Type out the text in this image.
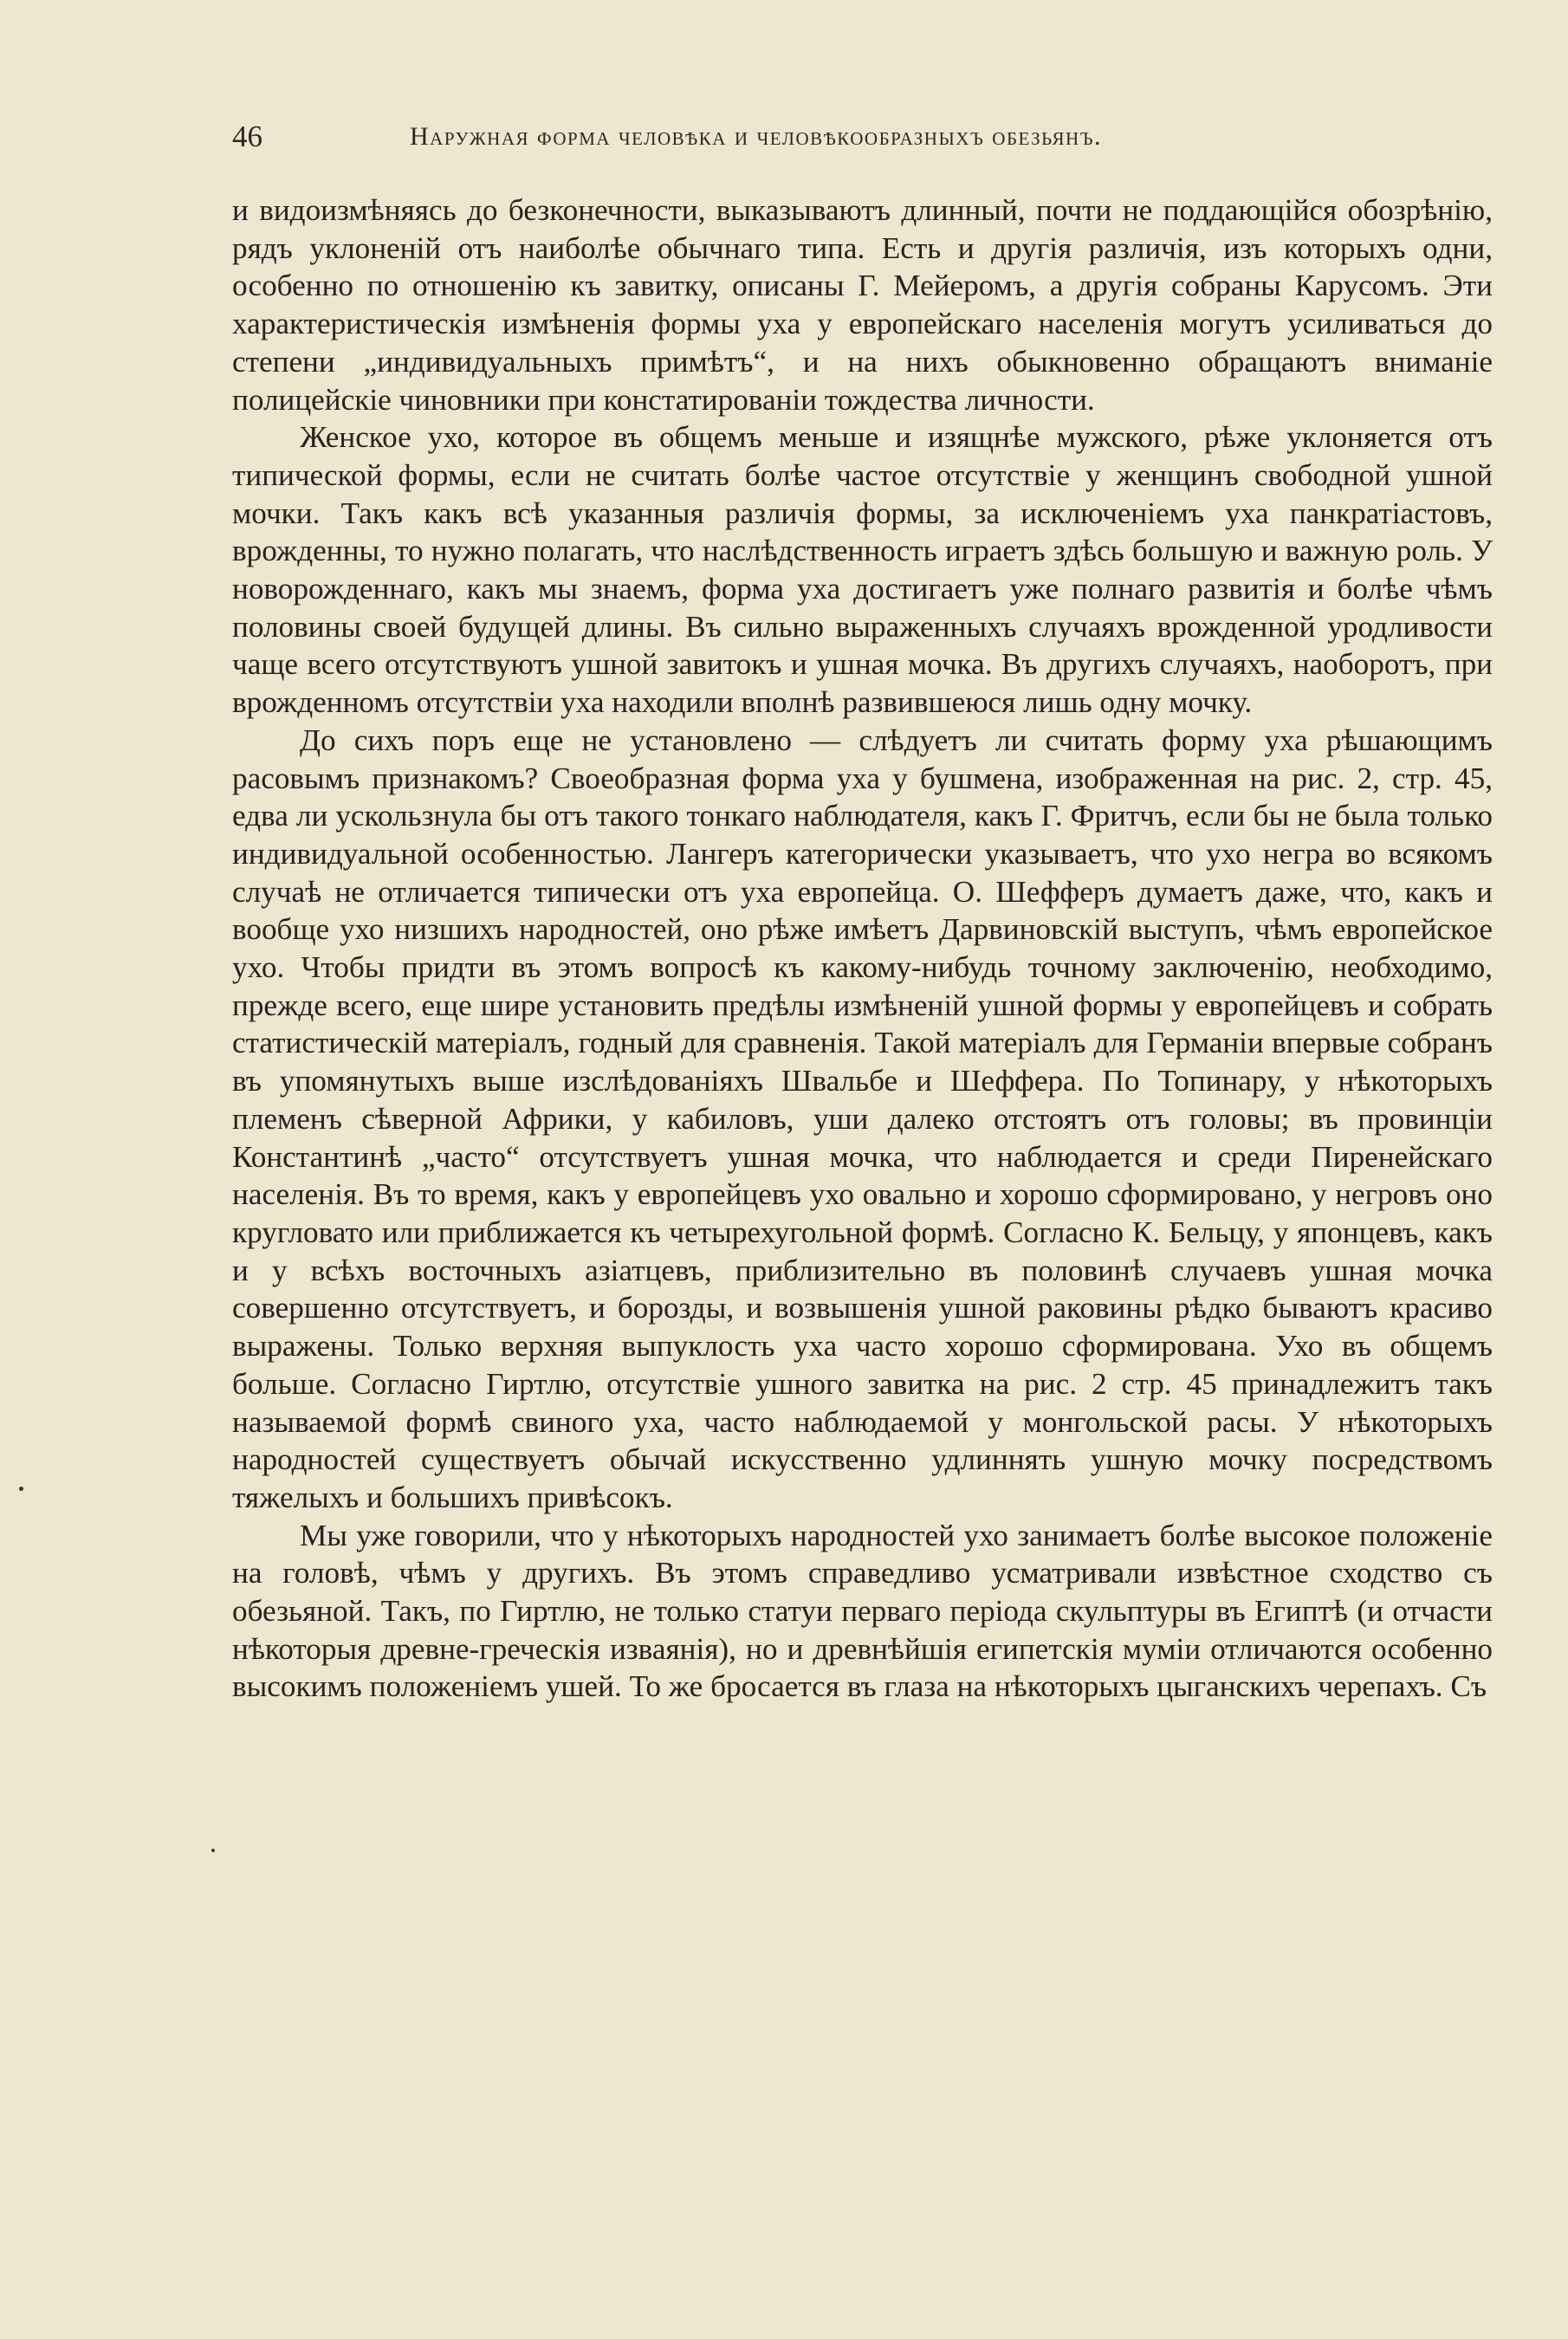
46	Наружная форма человѣка и человѣкообразныхъ обезьянъ.

и видоизмѣняясь до безконечности, выказываютъ длинный, почти не поддающійся обозрѣнію, рядъ уклоненій отъ наиболѣе обычнаго типа. Есть и другія различія, изъ которыхъ одни, особенно по отношенію къ завитку, описаны Г. Мейеромъ, а другія собраны Карусомъ. Эти характеристическія измѣненія формы уха у европейскаго населенія могутъ усиливаться до степени „индивидуальныхъ примѣтъ“, и на нихъ обыкновенно обращаютъ вниманіе полицейскіе чиновники при констатированіи тождества личности.

Женское ухо, которое въ общемъ меньше и изящнѣе мужского, рѣже уклоняется отъ типической формы, если не считать болѣе частое отсутствіе у женщинъ свободной ушной мочки. Такъ какъ всѣ указанныя различія формы, за исключеніемъ уха панкратіастовъ, врожденны, то нужно полагать, что наслѣдственность играетъ здѣсь большую и важную роль. У новорожденнаго, какъ мы знаемъ, форма уха достигаетъ уже полнаго развитія и болѣе чѣмъ половины своей будущей длины. Въ сильно выраженныхъ случаяхъ врожденной уродливости чаще всего отсутствуютъ ушной завитокъ и ушная мочка. Въ другихъ случаяхъ, наоборотъ, при врожденномъ отсутствіи уха находили вполнѣ развившеюся лишь одну мочку.

До сихъ поръ еще не установлено — слѣдуетъ ли считать форму уха рѣшающимъ расовымъ признакомъ? Своеобразная форма уха у бушмена, изображенная на рис. 2, стр. 45, едва ли ускользнула бы отъ такого тонкаго наблюдателя, какъ Г. Фритчъ, если бы не была только индивидуальной особенностью. Лангеръ категорически указываетъ, что ухо негра во всякомъ случаѣ не отличается типически отъ уха европейца. О. Шефферъ думаетъ даже, что, какъ и вообще ухо низшихъ народностей, оно рѣже имѣетъ Дарвиновскій выступъ, чѣмъ европейское ухо. Чтобы придти въ этомъ вопросѣ къ какому-нибудь точному заключенію, необходимо, прежде всего, еще шире установить предѣлы измѣненій ушной формы у европейцевъ и собрать статистическій матеріалъ, годный для сравненія. Такой матеріалъ для Германіи впервые собранъ въ упомянутыхъ выше изслѣдованіяхъ Швальбе и Шеффера. По Топинару, у нѣкоторыхъ племенъ сѣверной Африки, у кабиловъ, уши далеко отстоятъ отъ головы; въ провинціи Константинѣ „часто“ отсутствуетъ ушная мочка, что наблюдается и среди Пиренейскаго населенія. Въ то время, какъ у европейцевъ ухо овально и хорошо сформировано, у негровъ оно кругловато или приближается къ четырехугольной формѣ. Согласно К. Бельцу, у японцевъ, какъ и у всѣхъ восточныхъ азіатцевъ, приблизительно въ половинѣ случаевъ ушная мочка совершенно отсутствуетъ, и борозды, и возвышенія ушной раковины рѣдко бываютъ красиво выражены. Только верхняя выпуклость уха часто хорошо сформирована. Ухо въ общемъ больше. Согласно Гиртлю, отсутствіе ушного завитка на рис. 2 стр. 45 принадлежитъ такъ называемой формѣ свиного уха, часто наблюдаемой у монгольской расы. У нѣкоторыхъ народностей существуетъ обычай искусственно удлиннять ушную мочку посредствомъ тяжелыхъ и большихъ привѣсокъ.

Мы уже говорили, что у нѣкоторыхъ народностей ухо занимаетъ болѣе высокое положеніе на головѣ, чѣмъ у другихъ. Въ этомъ справедливо усматривали извѣстное сходство съ обезьяной. Такъ, по Гиртлю, не только статуи перваго періода скульптуры въ Египтѣ (и отчасти нѣкоторыя древне-греческія изваянія), но и древнѣйшія египетскія муміи отличаются особенно высокимъ положеніемъ ушей. То же бросается въ глаза на нѣкоторыхъ цыганскихъ черепахъ. Съ
